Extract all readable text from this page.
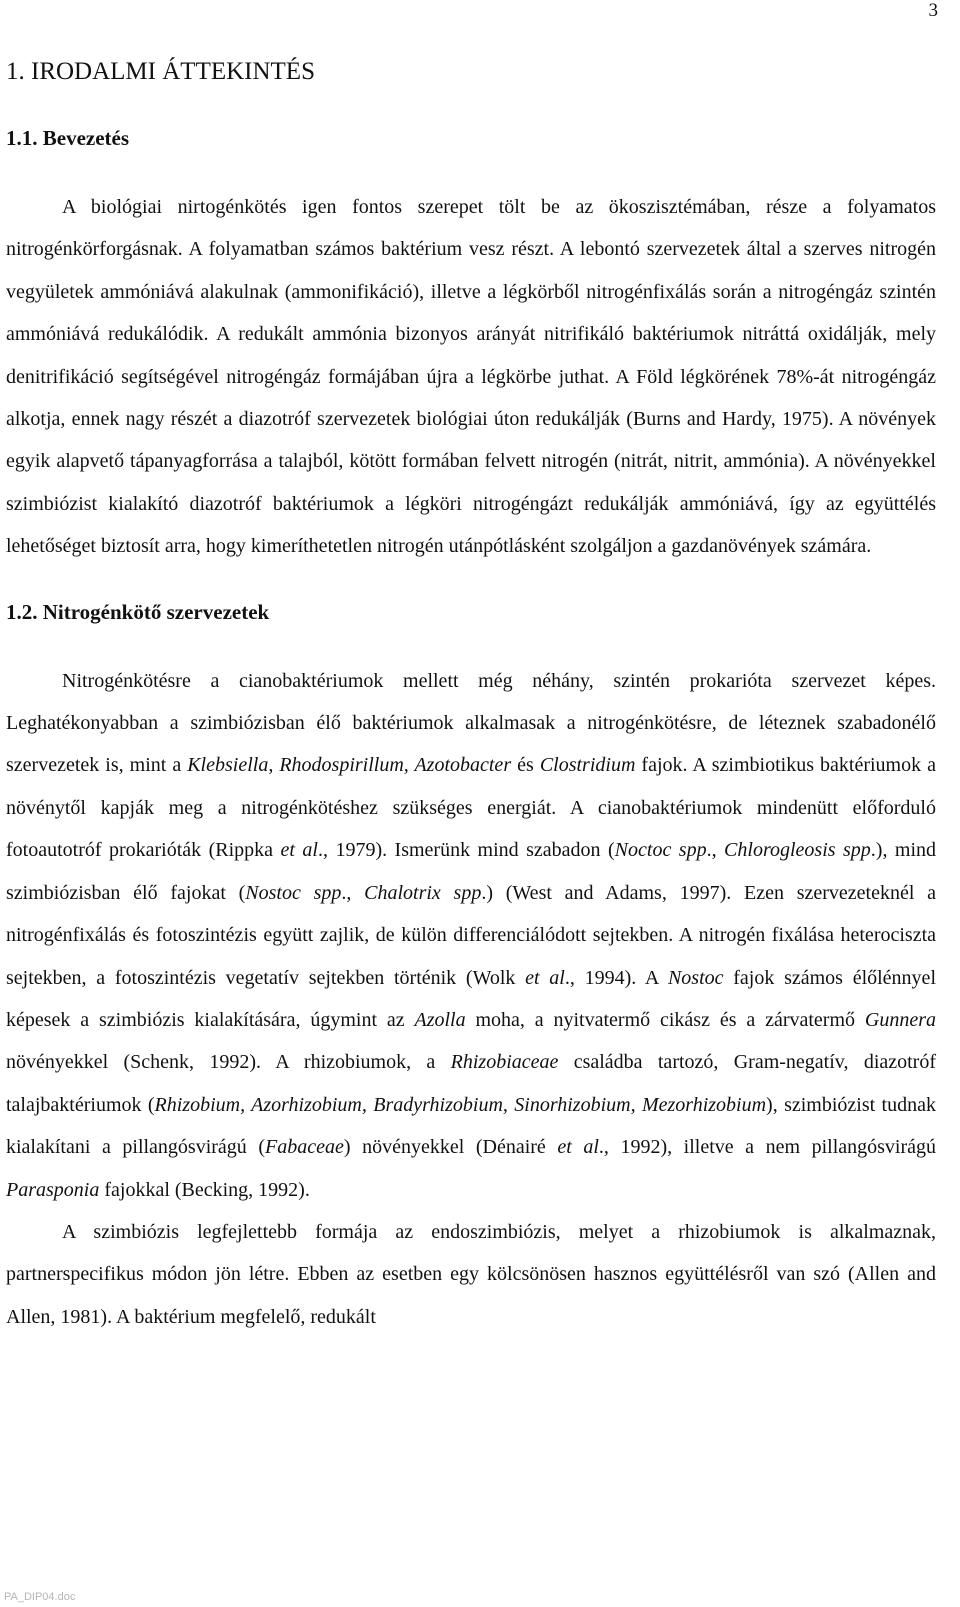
3
1. IRODALMI ÁTTEKINTÉS
1.1. Bevezetés

A biológiai nirtogénkötés igen fontos szerepet tölt be az ökoszisztémában, része a folyamatos nitrogénkörforgásnak. A folyamatban számos baktérium vesz részt. A lebontó szervezetek által a szerves nitrogén vegyületek ammóniává alakulnak (ammonifikáció), illetve a légkörből nitrogénfixálás során a nitrogéngáz szintén ammóniává redukálódik. A redukált ammónia bizonyos arányát nitrifikáló baktériumok nitráttá oxidálják, mely denitrifikáció segítségével nitrogéngáz formájában újra a légkörbe juthat. A Föld légkörének 78%-át nitrogéngáz alkotja, ennek nagy részét a diazotróf szervezetek biológiai úton redukálják (Burns and Hardy, 1975). A növények egyik alapvető tápanyagforrása a talajból, kötött formában felvett nitrogén (nitrát, nitrit, ammónia). A növényekkel szimbiózist kialakító diazotróf baktériumok a légköri nitrogéngázt redukálják ammóniává, így az együttélés lehetőséget biztosít arra, hogy kimeríthetetlen nitrogén utánpótlásként szolgáljon a gazdanövények számára.

1.2. Nitrogénkötő szervezetek

Nitrogénkötésre a cianobaktériumok mellett még néhány, szintén prokarióta szervezet képes. Leghatékonyabban a szimbiózisban élő baktériumok alkalmasak a nitrogénkötésre, de léteznek szabadonélő szervezetek is, mint a Klebsiella, Rhodospirillum, Azotobacter és Clostridium fajok. A szimbiotikus baktériumok a növénytől kapják meg a nitrogénkötéshez szükséges energiát. A cianobaktériumok mindenütt előforduló fotoautotróf prokarióták (Rippka et al., 1979). Ismerünk mind szabadon (Noctoc spp., Chlorogleosis spp.), mind szimbiózisban élő fajokat (Nostoc spp., Chalotrix spp.) (West and Adams, 1997). Ezen szervezeteknél a nitrogénfixálás és fotoszintézis együtt zajlik, de külön differenciálódott sejtekben. A nitrogén fixálása heterociszta sejtekben, a fotoszintézis vegetatív sejtekben történik (Wolk et al., 1994). A Nostoc fajok számos élőlénnyel képesek a szimbiózis kialakítására, úgymint az Azolla moha, a nyitvatermő cikász és a zárvatermő Gunnera növényekkel (Schenk, 1992). A rhizobiumok, a Rhizobiaceae családba tartozó, Gram-negatív, diazotróf talajbaktériumok (Rhizobium, Azorhizobium, Bradyrhizobium, Sinorhizobium, Mezorhizobium), szimbiózist tudnak kialakítani a pillangósvirágú (Fabaceae) növényekkel (Dénairé et al., 1992), illetve a nem pillangósvirágú Parasponia fajokkal (Becking, 1992).

A szimbiózis legfejlettebb formája az endoszimbiózis, melyet a rhizobiumok is alkalmaznak, partnerspecifikus módon jön létre. Ebben az esetben egy kölcsönösen hasznos együttélésről van szó (Allen and Allen, 1981). A baktérium megfelelő, redukált

PA_DIP04.doc
